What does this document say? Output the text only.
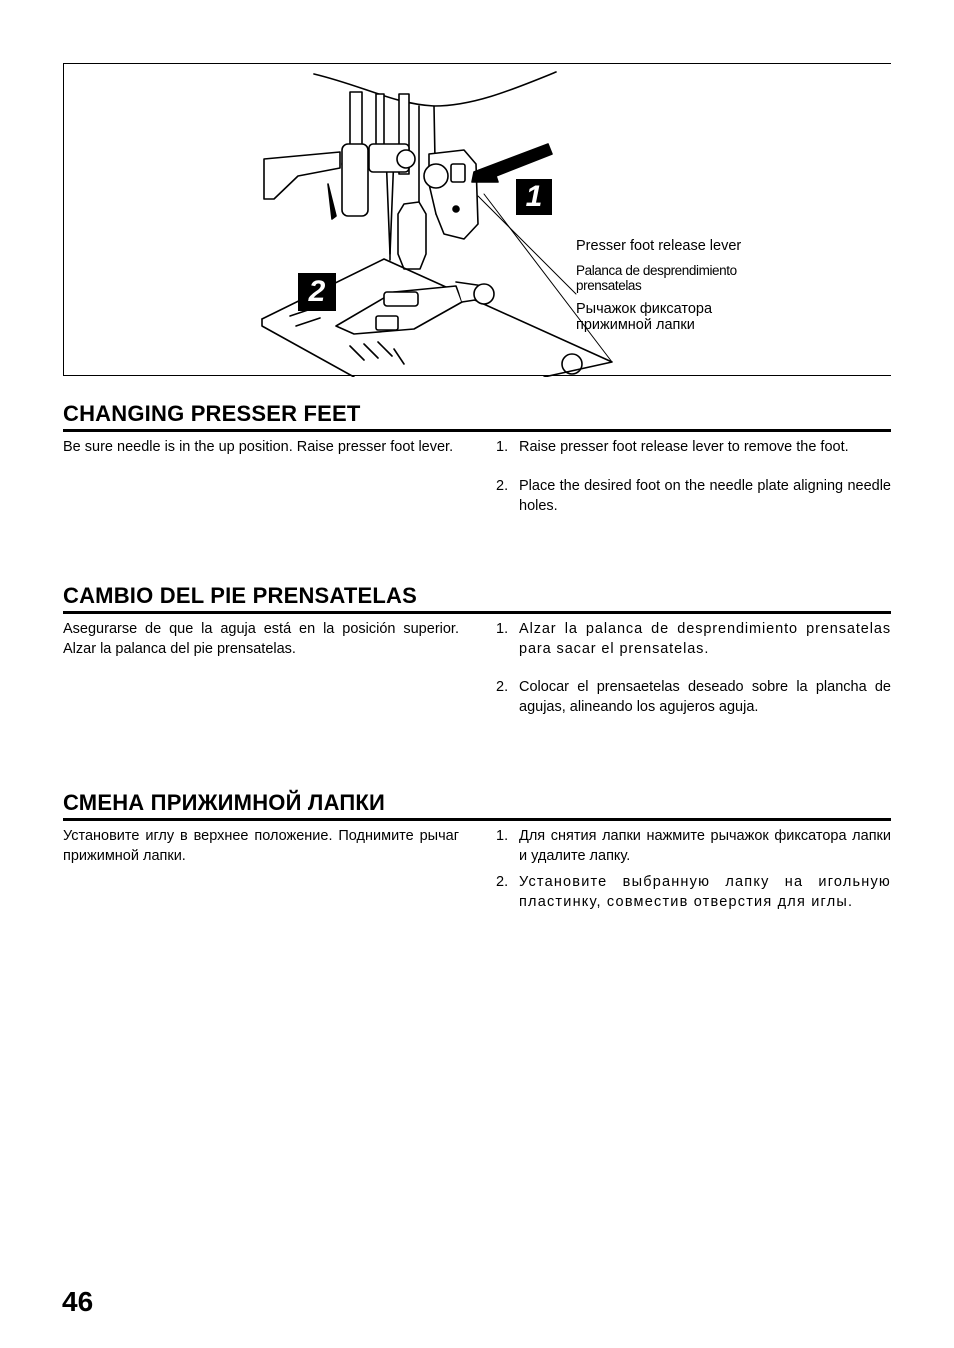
1
2
Presser foot release lever
Palanca de desprendimiento prensatelas
Рычажок фиксатора прижимной лапки
CHANGING PRESSER FEET
Be sure needle is in the up position. Raise presser foot lever.	1. Raise presser foot release lever to remove the foot.
2. Place the desired foot on the needle plate aligning needle holes.
CAMBIO DEL PIE PRENSATELAS
Asegurarse de que la aguja está en la posición superior. Alzar la palanca del pie prensatelas.
1. Alzar la palanca de desprendimiento prensatelas para sacar el prensatelas.
2. Colocar el prensaetelas deseado sobre la plancha de agujas, alineando los agujeros aguja.
СМЕНА ПРИЖИМНОЙ ЛАПКИ
Установите иглу в верхнее положение. Поднимите рычаг прижимной лапки.
1. Для снятия лапки нажмите рычажок фиксатора лапки и удалите лапку.
2. Установите выбранную лапку на игольную пластинку, совместив отверстия для иглы.
46
